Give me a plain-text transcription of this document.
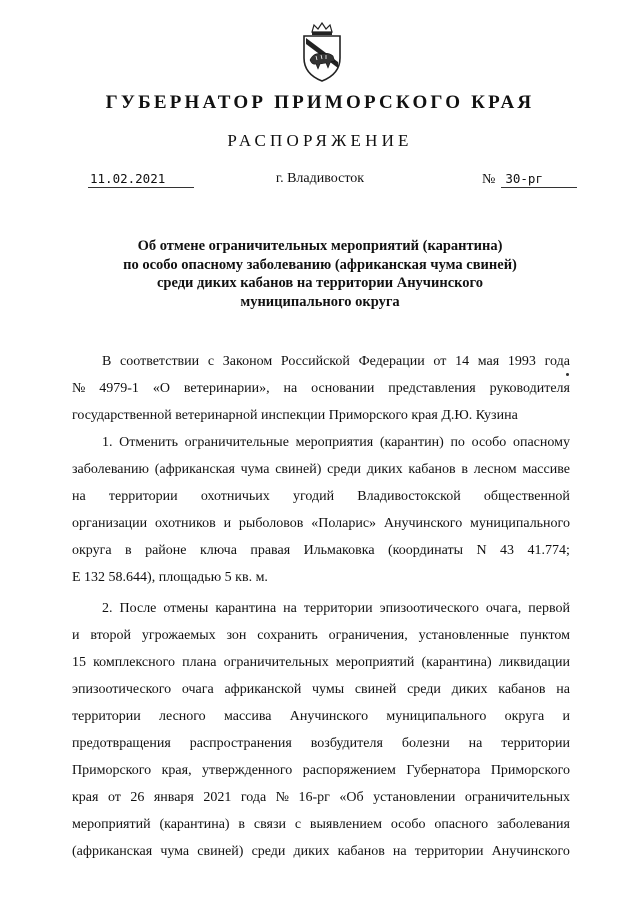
ГУБЕРНАТОР ПРИМОРСКОГО КРАЯ
РАСПОРЯЖЕНИЕ
11.02.2021	г. Владивосток	№ 30-рг
Об отмене ограничительных мероприятий (карантина)
по особо опасному заболеванию (африканская чума свиней)
среди диких кабанов на территории Анучинского
муниципального округа
В соответствии с Законом Российской Федерации от 14 мая 1993 года
№ 4979-1 «О ветеринарии», на основании представления руководителя
государственной ветеринарной инспекции Приморского края Д.Ю. Кузина
1. Отменить ограничительные мероприятия (карантин) по особо опасному
заболеванию (африканская чума свиней) среди диких кабанов в лесном массиве
на территории охотничьих угодий Владивостокской общественной
организации охотников и рыболовов «Поларис» Анучинского муниципального
округа в районе ключа правая Ильмаковка (координаты N 43 41.774;
E 132 58.644), площадью 5 кв. м.
2. После отмены карантина на территории эпизоотического очага, первой
и второй угрожаемых зон сохранить ограничения, установленные пунктом
15 комплексного плана ограничительных мероприятий (карантина) ликвидации
эпизоотического очага африканской чумы свиней среди диких кабанов на
территории лесного массива Анучинского муниципального округа и
предотвращения распространения возбудителя болезни на территории
Приморского края, утвержденного распоряжением Губернатора Приморского
края от 26 января 2021 года № 16-рг «Об установлении ограничительных
мероприятий (карантина) в связи с выявлением особо опасного заболевания
(африканская чума свиней) среди диких кабанов на территории Анучинского
